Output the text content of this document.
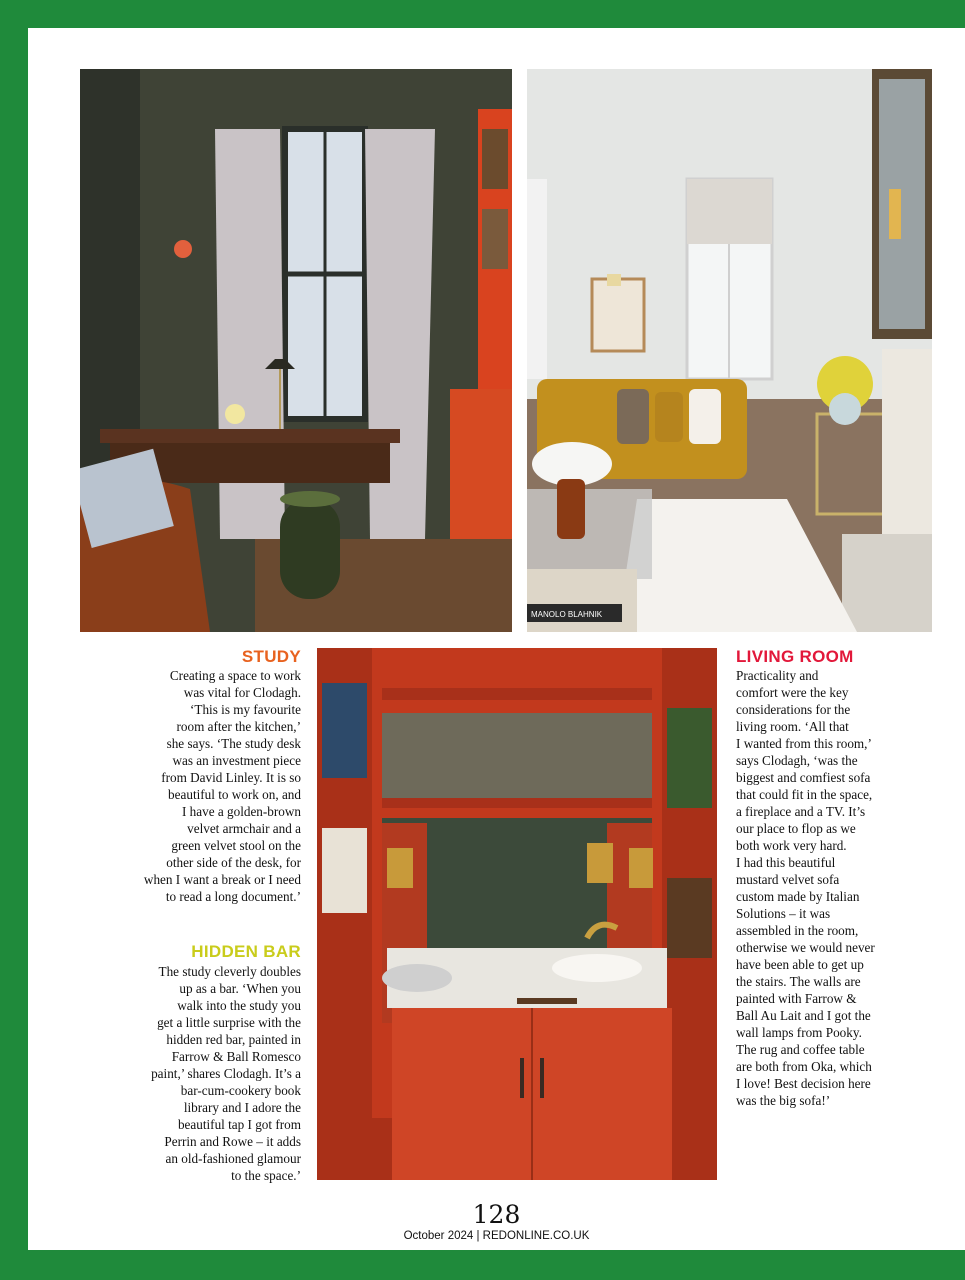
MANOLO BLAHNIK
STUDY

Creating a space to work
was vital for Clodagh.
‘This is my favourite
room after the kitchen,’
she says. ‘The study desk
was an investment piece
from David Linley. It is so
beautiful to work on, and
I have a golden-brown
velvet armchair and a
green velvet stool on the
other side of the desk, for
when I want a break or I need
to read a long document.’

HIDDEN BAR

The study cleverly doubles
up as a bar. ‘When you
walk into the study you
get a little surprise with the
hidden red bar, painted in
Farrow & Ball Romesco
paint,’ shares Clodagh. It’s a
bar-cum-cookery book
library and I adore the
beautiful tap I got from
Perrin and Rowe – it adds
an old-fashioned glamour
to the space.’

LIVING ROOM

Practicality and
comfort were the key
considerations for the
living room. ‘All that
I wanted from this room,’
says Clodagh, ‘was the
biggest and comfiest sofa
that could fit in the space,
a fireplace and a TV. It’s
our place to flop as we
both work very hard.
I had this beautiful
mustard velvet sofa
custom made by Italian
Solutions – it was
assembled in the room,
otherwise we would never
have been able to get up
the stairs. The walls are
painted with Farrow &
Ball Au Lait and I got the
wall lamps from Pooky.
The rug and coffee table
are both from Oka, which
I love! Best decision here
was the big sofa!’

128
October 2024 | REDONLINE.CO.UK
